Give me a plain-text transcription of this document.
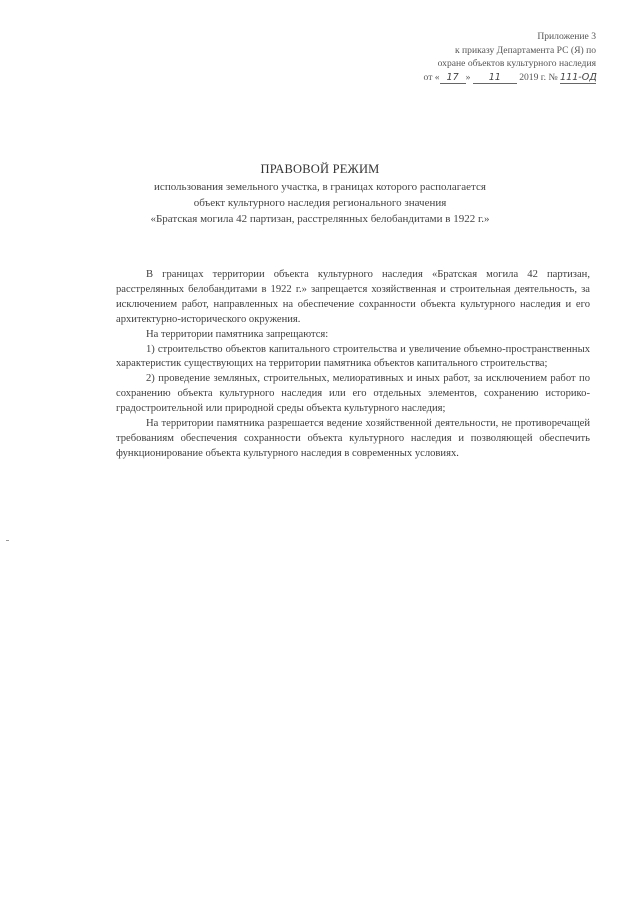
Приложение 3
к приказу Департамента РС (Я) по
охране объектов культурного наследия
от « 17 » 11 2019 г. № 111-ОД
ПРАВОВОЙ РЕЖИМ
использования земельного участка, в границах которого располагается
объект культурного наследия регионального значения
«Братская могила 42 партизан, расстрелянных белобандитами в 1922 г.»

В границах территории объекта культурного наследия «Братская могила 42 партизан, расстрелянных белобандитами в 1922 г.» запрещается хозяйственная и строительная деятельность, за исключением работ, направленных на обеспечение сохранности объекта культурного наследия и его архитектурно-исторического окружения.

На территории памятника запрещаются:

1) строительство объектов капитального строительства и увеличение объемно-пространственных характеристик существующих на территории памятника объектов капитального строительства;

2) проведение земляных, строительных, мелиоративных и иных работ, за исключением работ по сохранению объекта культурного наследия или его отдельных элементов, сохранению историко-градостроительной или природной среды объекта культурного наследия;

На территории памятника разрешается ведение хозяйственной деятельности, не противоречащей требованиям обеспечения сохранности объекта культурного наследия и позволяющей обеспечить функционирование объекта культурного наследия в современных условиях.
